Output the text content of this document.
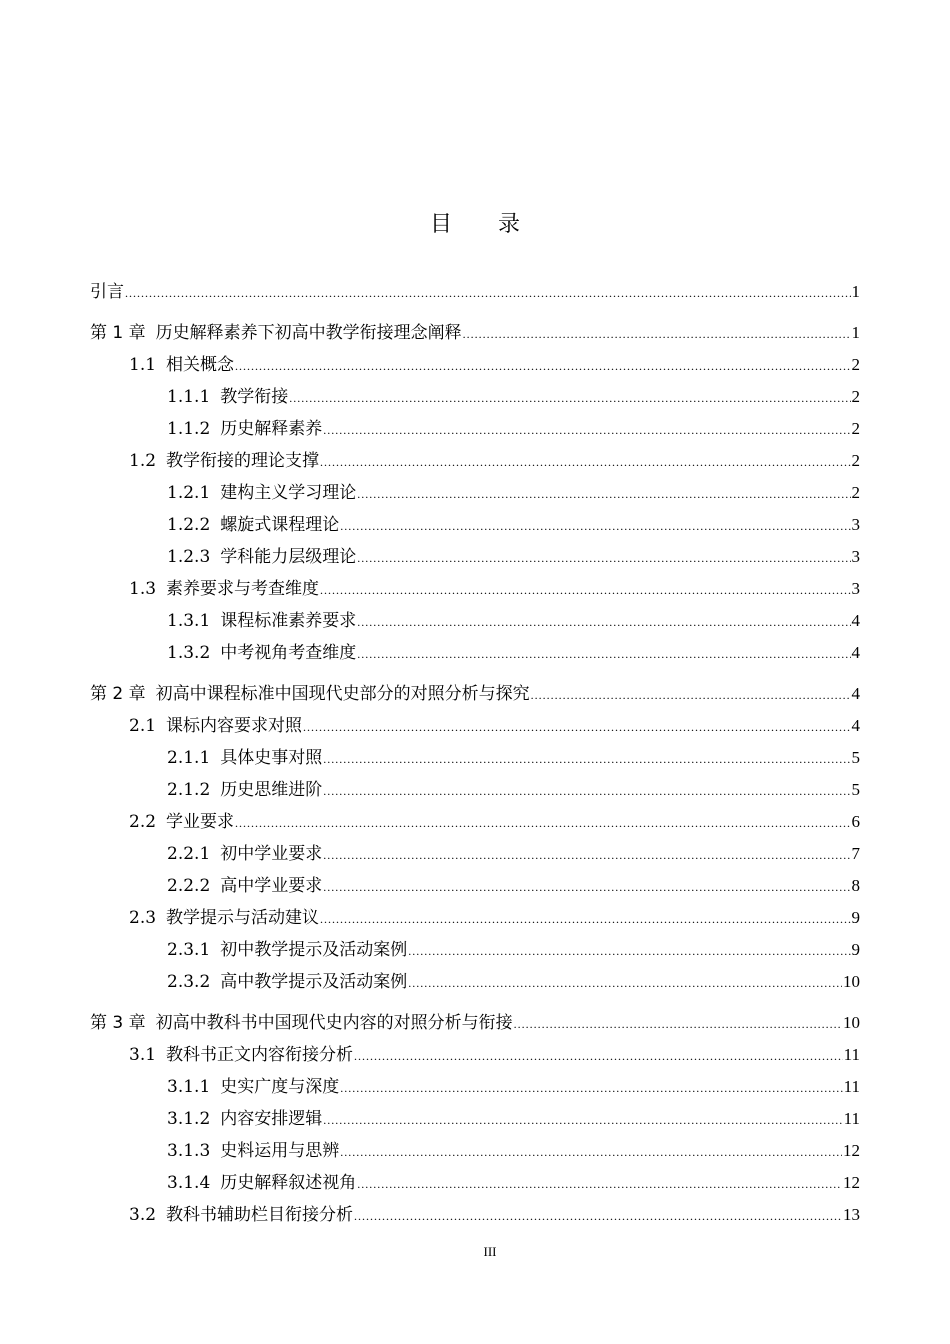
目 录
引言 .....	1
第 1 章 历史解释素养下初高中教学衔接理念阐释 .....	1
1.1 相关概念 .....	2
1.1.1 教学衔接 .....	2
1.1.2 历史解释素养 .....	2
1.2 教学衔接的理论支撑 .....	2
1.2.1 建构主义学习理论 .....	2
1.2.2 螺旋式课程理论 .....	3
1.2.3 学科能力层级理论 .....	3
1.3 素养要求与考查维度 .....	3
1.3.1 课程标准素养要求 .....	4
1.3.2 中考视角考查维度 .....	4
第 2 章 初高中课程标准中国现代史部分的对照分析与探究 .....	4
2.1 课标内容要求对照 .....	4
2.1.1 具体史事对照 .....	5
2.1.2 历史思维进阶 .....	5
2.2 学业要求 .....	6
2.2.1 初中学业要求 .....	7
2.2.2 高中学业要求 .....	8
2.3 教学提示与活动建议 .....	9
2.3.1 初中教学提示及活动案例 .....	9
2.3.2 高中教学提示及活动案例 .....	10
第 3 章 初高中教科书中国现代史内容的对照分析与衔接 .....	10
3.1 教科书正文内容衔接分析 .....	11
3.1.1 史实广度与深度 .....	11
3.1.2 内容安排逻辑 .....	11
3.1.3 史料运用与思辨 .....	12
3.1.4 历史解释叙述视角 .....	12
3.2 教科书辅助栏目衔接分析 .....	13
III
